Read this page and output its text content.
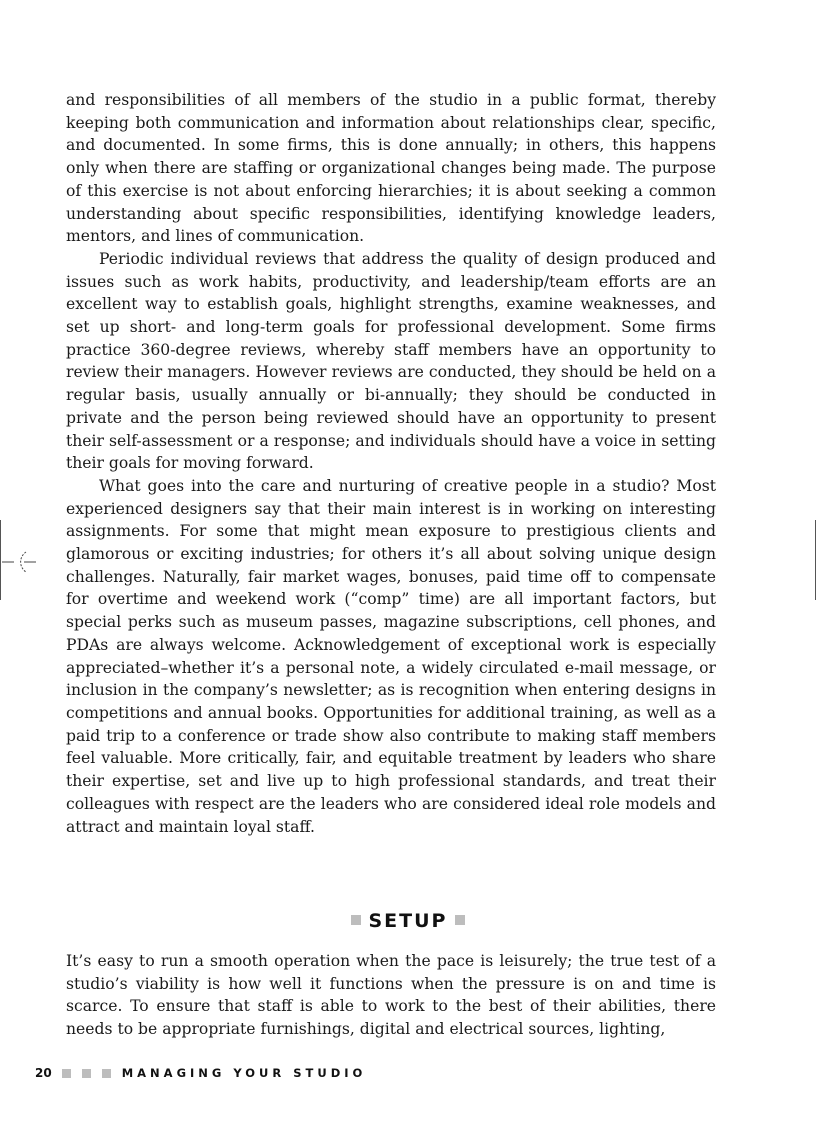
and responsibilities of all members of the studio in a public format, thereby keeping both communication and information about relationships clear, specific, and documented. In some firms, this is done annually; in others, this happens only when there are staffing or organizational changes being made. The purpose of this exercise is not about enforcing hierarchies; it is about seeking a common understanding about specific responsibilities, identifying knowledge leaders, mentors, and lines of communication.

Periodic individual reviews that address the quality of design produced and issues such as work habits, productivity, and leadership/team efforts are an excellent way to establish goals, highlight strengths, examine weaknesses, and set up short- and long-term goals for professional development. Some firms practice 360-degree reviews, whereby staff members have an opportunity to review their managers. However reviews are conducted, they should be held on a regular basis, usually annually or bi-annually; they should be conducted in private and the person being reviewed should have an opportunity to present their self-assessment or a response; and individuals should have a voice in setting their goals for moving forward.

What goes into the care and nurturing of creative people in a studio? Most experienced designers say that their main interest is in working on interesting assignments. For some that might mean exposure to prestigious clients and glamorous or exciting industries; for others it’s all about solving unique design challenges. Naturally, fair market wages, bonuses, paid time off to compensate for overtime and weekend work (“comp” time) are all important factors, but special perks such as museum passes, magazine subscriptions, cell phones, and PDAs are always welcome. Acknowledgement of exceptional work is especially appreciated–whether it’s a personal note, a widely circulated e-mail message, or inclusion in the company’s newsletter; as is recognition when entering designs in competitions and annual books. Opportunities for additional training, as well as a paid trip to a conference or trade show also contribute to making staff members feel valuable. More critically, fair, and equitable treatment by leaders who share their expertise, set and live up to high professional standards, and treat their colleagues with respect are the leaders who are considered ideal role models and attract and maintain loyal staff.

SETUP

It’s easy to run a smooth operation when the pace is leisurely; the true test of a studio’s viability is how well it functions when the pressure is on and time is scarce. To ensure that staff is able to work to the best of their abilities, there needs to be appropriate furnishings, digital and electrical sources, lighting,

20	MANAGING YOUR STUDIO
